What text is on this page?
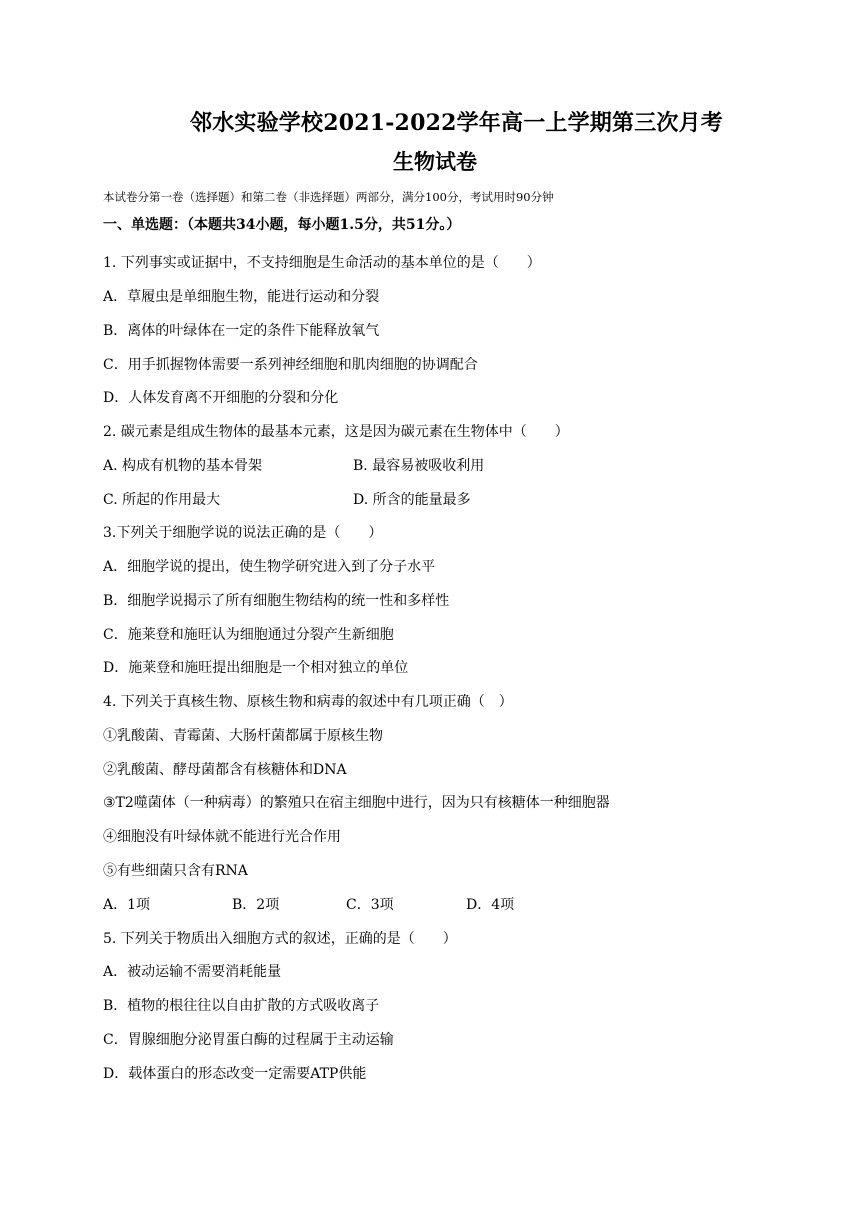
邻水实验学校2021-2022学年高一上学期第三次月考
生物试卷
本试卷分第一卷（选择题）和第二卷（非选择题）两部分，满分100分，考试用时90分钟
一、单选题：（本题共34小题，每小题1.5分，共51分。）
1. 下列事实或证据中，不支持细胞是生命活动的基本单位的是（　　）
A．草履虫是单细胞生物，能进行运动和分裂
B．离体的叶绿体在一定的条件下能释放氧气
C．用手抓握物体需要一系列神经细胞和肌肉细胞的协调配合
D．人体发育离不开细胞的分裂和分化
2. 碳元素是组成生物体的最基本元素，这是因为碳元素在生物体中（　　）
A. 构成有机物的基本骨架	B. 最容易被吸收利用
C. 所起的作用最大	D. 所含的能量最多
3.下列关于细胞学说的说法正确的是（　　）
A．细胞学说的提出，使生物学研究进入到了分子水平
B．细胞学说揭示了所有细胞生物结构的统一性和多样性
C．施莱登和施旺认为细胞通过分裂产生新细胞
D．施莱登和施旺提出细胞是一个相对独立的单位
4. 下列关于真核生物、原核生物和病毒的叙述中有几项正确（　）
①乳酸菌、青霉菌、大肠杆菌都属于原核生物
②乳酸菌、酵母菌都含有核糖体和DNA
③T2噬菌体（一种病毒）的繁殖只在宿主细胞中进行，因为只有核糖体一种细胞器
④细胞没有叶绿体就不能进行光合作用
⑤有些细菌只含有RNA
A．1项	B．2项	C．3项	D．4项
5. 下列关于物质出入细胞方式的叙述，正确的是（　　）
A．被动运输不需要消耗能量
B．植物的根往往以自由扩散的方式吸收离子
C．胃腺细胞分泌胃蛋白酶的过程属于主动运输
D．载体蛋白的形态改变一定需要ATP供能
